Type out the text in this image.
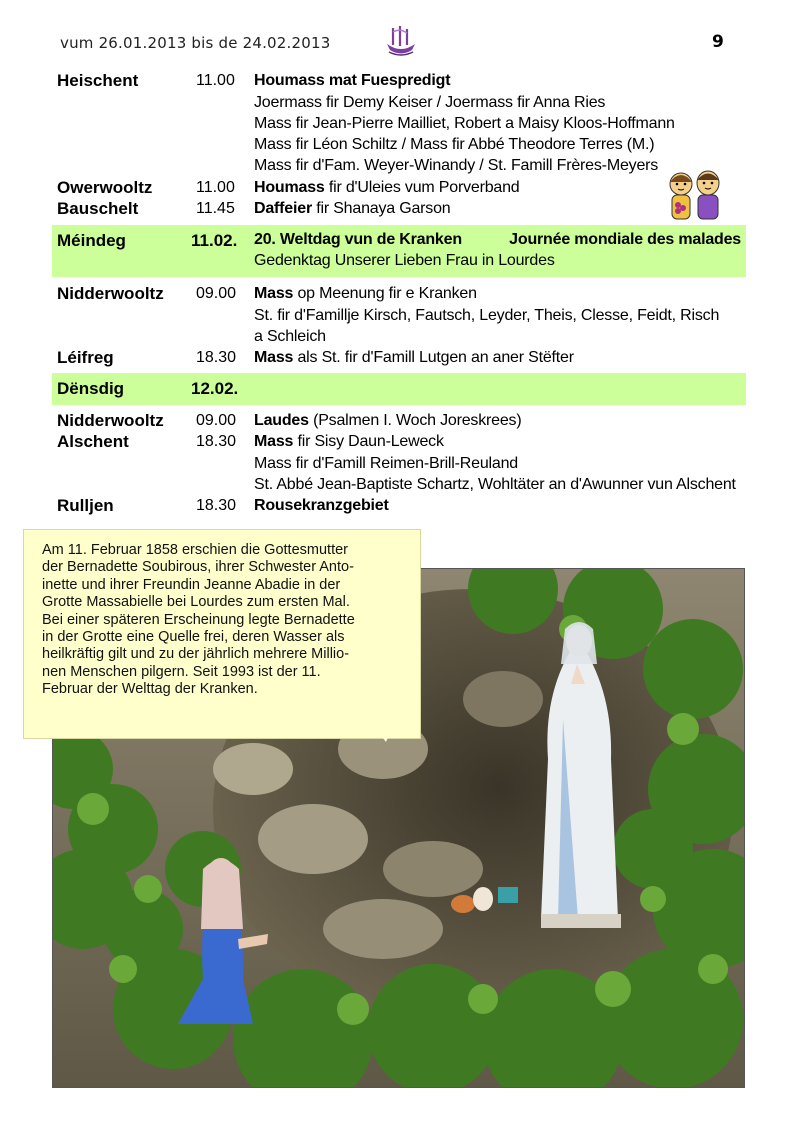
vum 26.01.2013 bis de 24.02.2013	9
Heischent	11.00 Houmass mat Fuespredigt
Joermass fir Demy Keiser / Joermass fir Anna Ries
Mass fir Jean-Pierre Mailliet, Robert a Maisy Kloos-Hoffmann
Mass fir Léon Schiltz / Mass fir Abbé Theodore Terres (M.)
Mass fir d'Fam. Weyer-Winandy / St. Famill Frères-Meyers
Owerwooltz	11.00 Houmass fir d'Uleies vum Porverband
Bauschelt	11.45 Daffeier fir Shanaya Garson
Méindeg	11.02. 20. Weltdag vun de Kranken	Journée mondiale des malades
Gedenktag Unserer Lieben Frau in Lourdes
Nidderwooltz 09.00 Mass op Meenung fir e Kranken
St. fir d'Famillje Kirsch, Fautsch, Leyder, Theis, Clesse, Feidt, Risch
a Schleich
Léifreg	18.30 Mass als St. fir d'Famill Lutgen an aner Stëfter
Dënsdig	12.02.
Nidderwooltz 09.00 Laudes (Psalmen I. Woch Joreskrees)
Alschent	18.30 Mass fir Sisy Daun-Leweck
Mass fir d'Famill Reimen-Brill-Reuland
St. Abbé Jean-Baptiste Schartz, Wohltäter an d'Awunner vun Alschent
Rulljen	18.30 Rousekranzgebiet
Am 11. Februar 1858 erschien die Gottesmutter
der Bernadette Soubirous, ihrer Schwester Anto-
inette und ihrer Freundin Jeanne Abadie in der
Grotte Massabielle bei Lourdes zum ersten Mal.
Bei einer späteren Erscheinung legte Bernadette
in der Grotte eine Quelle frei, deren Wasser als
heilkräftig gilt und zu der jährlich mehrere Millio-
nen Menschen pilgern. Seit 1993 ist der 11.
Februar der Welttag der Kranken.
